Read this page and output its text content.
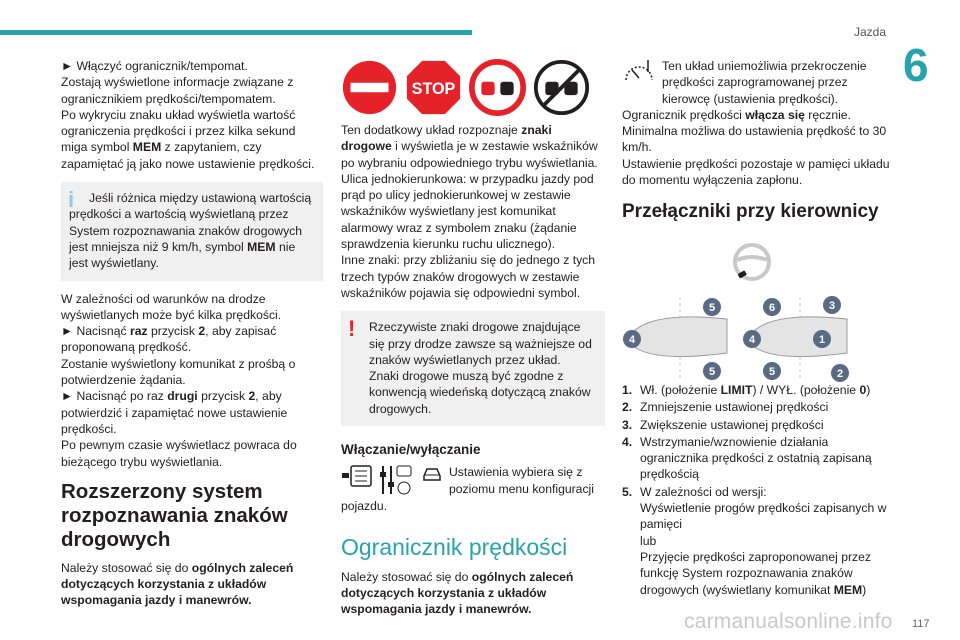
Jazda
6

► Włączyć ogranicznik/tempomat.
Zostają wyświetlone informacje związane z ogranicznikiem prędkości/tempomatem.
Po wykryciu znaku układ wyświetla wartość ograniczenia prędkości i przez kilka sekund miga symbol MEM z zapytaniem, czy zapamiętać ją jako nowe ustawienie prędkości.

i	Jeśli różnica między ustawioną wartością prędkości a wartością wyświetlaną przez System rozpoznawania znaków drogowych jest mniejsza niż 9 km/h, symbol MEM nie jest wyświetlany.

W zależności od warunków na drodze wyświetlanych może być kilka prędkości.
► Nacisnąć raz przycisk 2, aby zapisać proponowaną prędkość.
Zostanie wyświetlony komunikat z prośbą o potwierdzenie żądania.
► Nacisnąć po raz drugi przycisk 2, aby potwierdzić i zapamiętać nowe ustawienie prędkości.
Po pewnym czasie wyświetlacz powraca do bieżącego trybu wyświetlania.

Rozszerzony system rozpoznawania znaków drogowych

Należy stosować się do ogólnych zaleceń dotyczących korzystania z układów wspomagania jazdy i manewrów.

STOP

Ten dodatkowy układ rozpoznaje znaki drogowe i wyświetla je w zestawie wskaźników po wybraniu odpowiedniego trybu wyświetlania.
Ulica jednokierunkowa: w przypadku jazdy pod prąd po ulicy jednokierunkowej w zestawie wskaźników wyświetlany jest komunikat alarmowy wraz z symbolem znaku (żądanie sprawdzenia kierunku ruchu ulicznego).
Inne znaki: przy zbliżaniu się do jednego z tych trzech typów znaków drogowych w zestawie wskaźników pojawia się odpowiedni symbol.

!	Rzeczywiste znaki drogowe znajdujące się przy drodze zawsze są ważniejsze od znaków wyświetlanych przez układ.
Znaki drogowe muszą być zgodne z konwencją wiedeńską dotyczącą znaków drogowych.

Włączanie/wyłączanie
Ustawienia wybiera się z poziomu menu konfiguracji

pojazdu.

Ogranicznik prędkości

Należy stosować się do ogólnych zaleceń dotyczących korzystania z układów wspomagania jazdy i manewrów.

Ten układ uniemożliwia przekroczenie prędkości zaprogramowanej przez kierowcę (ustawienia prędkości).

Ogranicznik prędkości włącza się ręcznie.
Minimalna możliwa do ustawienia prędkość to 30 km/h.
Ustawienie prędkości pozostaje w pamięci układu do momentu wyłączenia zapłonu.

Przełączniki przy kierownicy

4
5
5
4
6
5
3
2
1
1. Wł. (położenie LIMIT) / WYŁ. (położenie 0)
2. Zmniejszenie ustawionej prędkości
3. Zwiększenie ustawionej prędkości
4. Wstrzymanie/wznowienie działania ogranicznika prędkości z ostatnią zapisaną prędkością
5. W zależności od wersji:
Wyświetlenie progów prędkości zapisanych w pamięci
lub
Przyjęcie prędkości zaproponowanej przez funkcję System rozpoznawania znaków drogowych (wyświetlany komunikat MEM)
carmanualsonline.info 117
